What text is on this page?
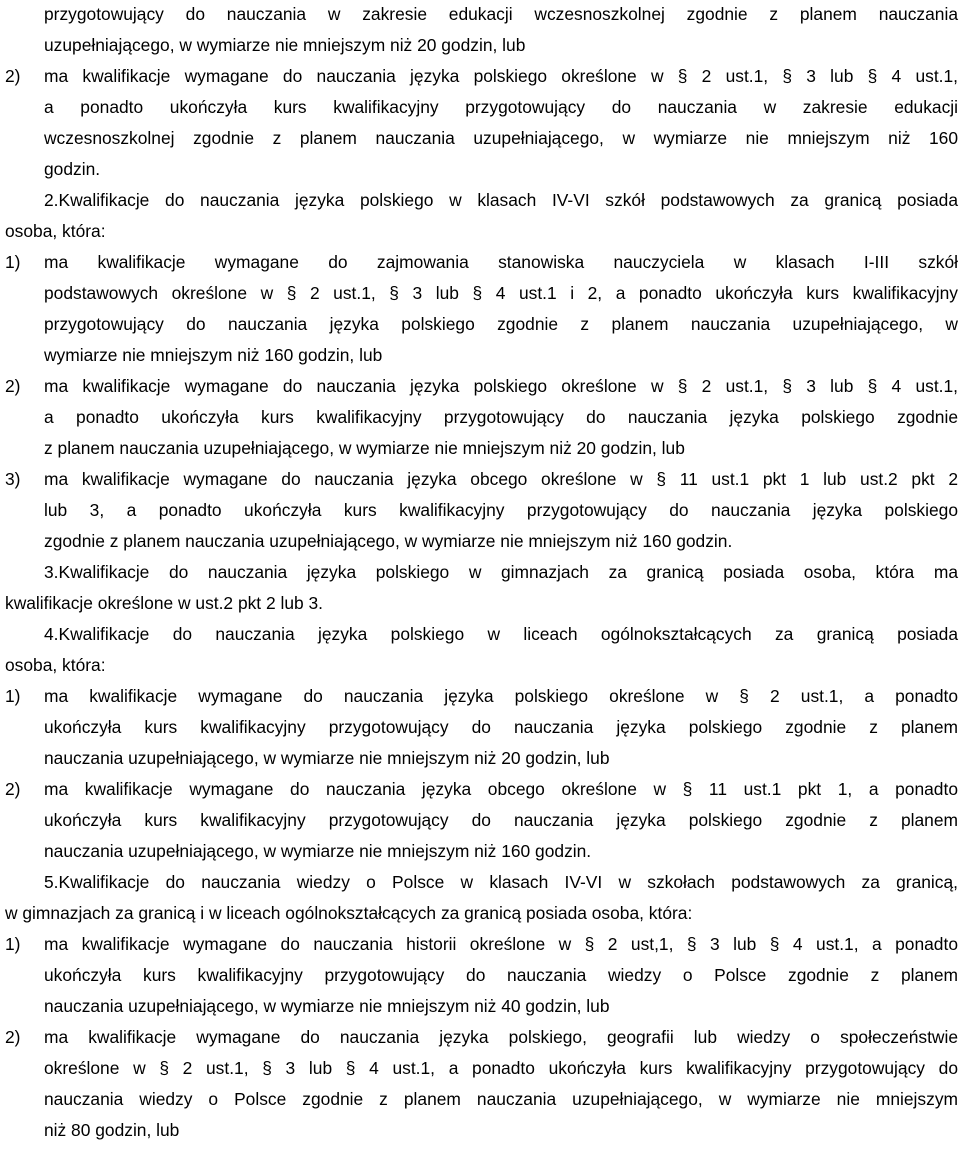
przygotowujący do nauczania w zakresie edukacji wczesnoszkolnej zgodnie z planem nauczania
uzupełniającego, w wymiarze nie mniejszym niż 20 godzin, lub
2)	ma kwalifikacje wymagane do nauczania języka polskiego określone w § 2 ust.1, § 3 lub § 4 ust.1,
a ponadto ukończyła kurs kwalifikacyjny przygotowujący do nauczania w zakresie edukacji
wczesnoszkolnej zgodnie z planem nauczania uzupełniającego, w wymiarze nie mniejszym niż 160
godzin.
2.Kwalifikacje do nauczania języka polskiego w klasach IV-VI szkół podstawowych za granicą posiada
osoba, która:
1)	ma kwalifikacje wymagane do zajmowania stanowiska nauczyciela w klasach I-III szkół
podstawowych określone w § 2 ust.1, § 3 lub § 4 ust.1 i 2, a ponadto ukończyła kurs kwalifikacyjny
przygotowujący do nauczania języka polskiego zgodnie z planem nauczania uzupełniającego, w
wymiarze nie mniejszym niż 160 godzin, lub
2)	ma kwalifikacje wymagane do nauczania języka polskiego określone w § 2 ust.1, § 3 lub § 4 ust.1,
a ponadto ukończyła kurs kwalifikacyjny przygotowujący do nauczania języka polskiego zgodnie
z planem nauczania uzupełniającego, w wymiarze nie mniejszym niż 20 godzin, lub
3)	ma kwalifikacje wymagane do nauczania języka obcego określone w § 11 ust.1 pkt 1 lub ust.2 pkt 2
lub 3, a ponadto ukończyła kurs kwalifikacyjny przygotowujący do nauczania języka polskiego
zgodnie z planem nauczania uzupełniającego, w wymiarze nie mniejszym niż 160 godzin.
3.Kwalifikacje do nauczania języka polskiego w gimnazjach za granicą posiada osoba, która ma
kwalifikacje określone w ust.2 pkt 2 lub 3.
4.Kwalifikacje do nauczania języka polskiego w liceach ogólnokształcących za granicą posiada
osoba, która:
1)	ma kwalifikacje wymagane do nauczania języka polskiego określone w § 2 ust.1, a ponadto
ukończyła kurs kwalifikacyjny przygotowujący do nauczania języka polskiego zgodnie z planem
nauczania uzupełniającego, w wymiarze nie mniejszym niż 20 godzin, lub
2)	ma kwalifikacje wymagane do nauczania języka obcego określone w § 11 ust.1 pkt 1, a ponadto
ukończyła kurs kwalifikacyjny przygotowujący do nauczania języka polskiego zgodnie z planem
nauczania uzupełniającego, w wymiarze nie mniejszym niż 160 godzin.
5.Kwalifikacje do nauczania wiedzy o Polsce w klasach IV-VI w szkołach podstawowych za granicą,
w gimnazjach za granicą i w liceach ogólnokształcących za granicą posiada osoba, która:
1)	ma kwalifikacje wymagane do nauczania historii określone w § 2 ust,1, § 3 lub § 4 ust.1, a ponadto
ukończyła kurs kwalifikacyjny przygotowujący do nauczania wiedzy o Polsce zgodnie z planem
nauczania uzupełniającego, w wymiarze nie mniejszym niż 40 godzin, lub
2)	ma kwalifikacje wymagane do nauczania języka polskiego, geografii lub wiedzy o społeczeństwie
określone w § 2 ust.1, § 3 lub § 4 ust.1, a ponadto ukończyła kurs kwalifikacyjny przygotowujący do
nauczania wiedzy o Polsce zgodnie z planem nauczania uzupełniającego, w wymiarze nie mniejszym
niż 80 godzin, lub
